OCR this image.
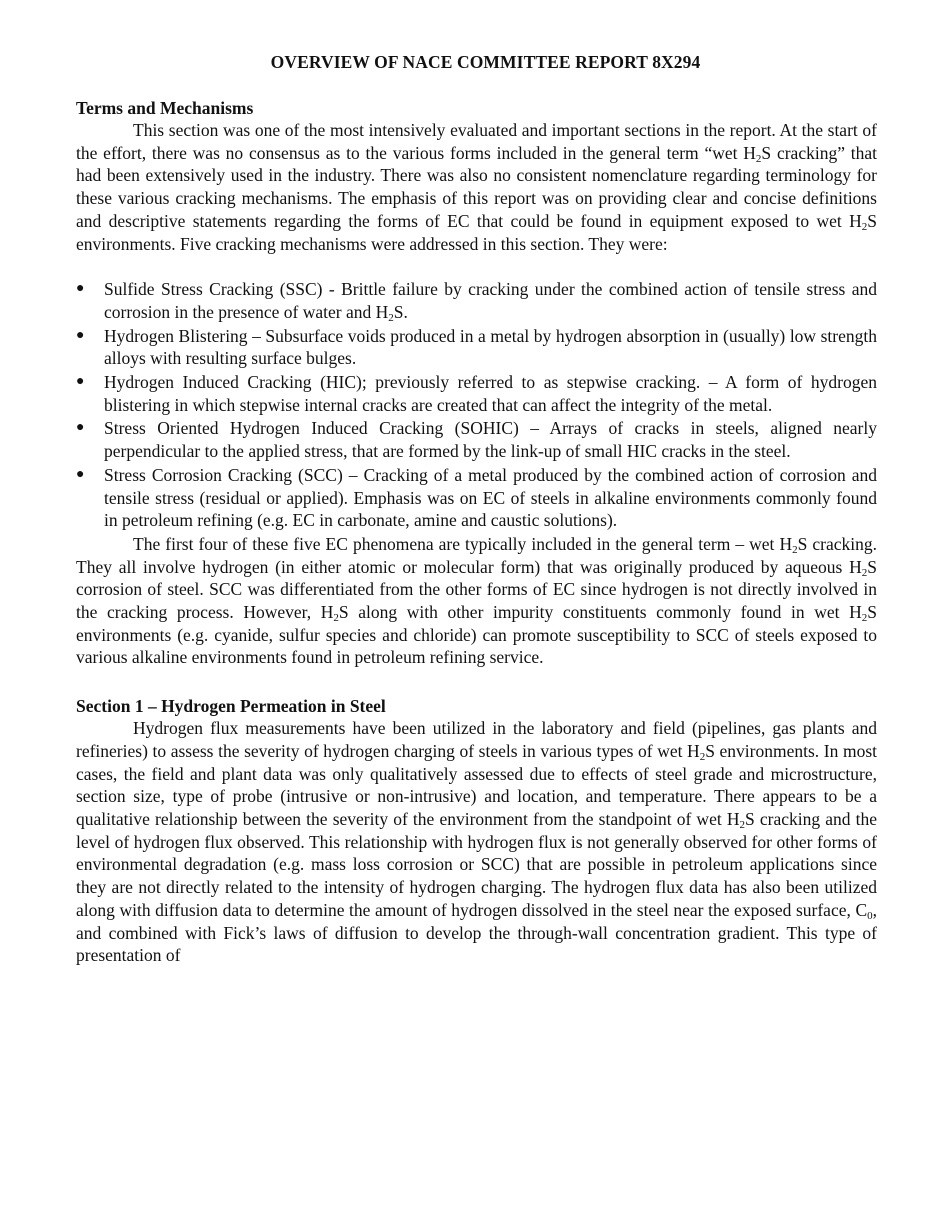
OVERVIEW OF NACE COMMITTEE REPORT 8X294
Terms and Mechanisms

This section was one of the most intensively evaluated and important sections in the report. At the start of the effort, there was no consensus as to the various forms included in the general term “wet $H_2S$ cracking” that had been extensively used in the industry. There was also no consistent nomenclature regarding terminology for these various cracking mechanisms. The emphasis of this report was on providing clear and concise definitions and descriptive statements regarding the forms of EC that could be found in equipment exposed to wet $H_2S$ environments. Five cracking mechanisms were addressed in this section. They were:

● Sulfide Stress Cracking (SSC) - Brittle failure by cracking under the combined action of tensile stress and corrosion in the presence of water and $H_2S$.
● Hydrogen Blistering – Subsurface voids produced in a metal by hydrogen absorption in (usually) low strength alloys with resulting surface bulges.
● Hydrogen Induced Cracking (HIC); previously referred to as stepwise cracking. – A form of hydrogen blistering in which stepwise internal cracks are created that can affect the integrity of the metal.
● Stress Oriented Hydrogen Induced Cracking (SOHIC) – Arrays of cracks in steels, aligned nearly perpendicular to the applied stress, that are formed by the link-up of small HIC cracks in the steel.
● Stress Corrosion Cracking (SCC) – Cracking of a metal produced by the combined action of corrosion and tensile stress (residual or applied). Emphasis was on EC of steels in alkaline environments commonly found in petroleum refining (e.g. EC in carbonate, amine and caustic solutions).

The first four of these five EC phenomena are typically included in the general term – wet $H_2S$ cracking. They all involve hydrogen (in either atomic or molecular form) that was originally produced by aqueous $H_2S$ corrosion of steel. SCC was differentiated from the other forms of EC since hydrogen is not directly involved in the cracking process. However, $H_2S$ along with other impurity constituents commonly found in wet $H_2S$ environments (e.g. cyanide, sulfur species and chloride) can promote susceptibility to SCC of steels exposed to various alkaline environments found in petroleum refining service.

Section 1 – Hydrogen Permeation in Steel

Hydrogen flux measurements have been utilized in the laboratory and field (pipelines, gas plants and refineries) to assess the severity of hydrogen charging of steels in various types of wet $H_2S$ environments. In most cases, the field and plant data was only qualitatively assessed due to effects of steel grade and microstructure, section size, type of probe (intrusive or non-intrusive) and location, and temperature. There appears to be a qualitative relationship between the severity of the environment from the standpoint of wet $H_2S$ cracking and the level of hydrogen flux observed. This relationship with hydrogen flux is not generally observed for other forms of environmental degradation (e.g. mass loss corrosion or SCC) that are possible in petroleum applications since they are not directly related to the intensity of hydrogen charging. The hydrogen flux data has also been utilized along with diffusion data to determine the amount of hydrogen dissolved in the steel near the exposed surface, $C_0$, and combined with Fick’s laws of diffusion to develop the through-wall concentration gradient. This type of presentation of
